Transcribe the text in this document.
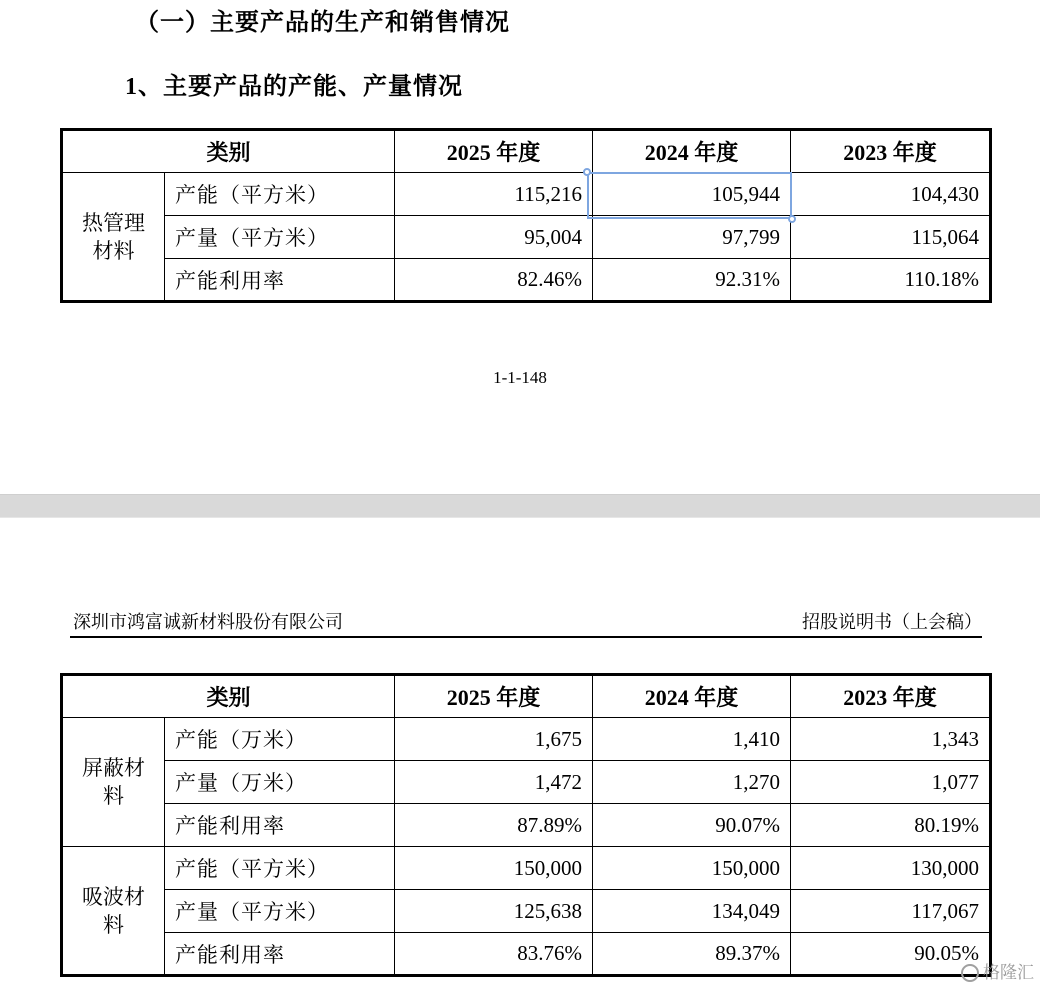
（一）主要产品的生产和销售情况
1、主要产品的产能、产量情况
类别		2025 年度	2024 年度	2023 年度
热管理材料	产能（平方米）	115,216	105,944	104,430
	产量（平方米）	95,004	97,799	115,064
	产能利用率	82.46%	92.31%	110.18%
1-1-148
深圳市鸿富诚新材料股份有限公司	招股说明书（上会稿）
类别		2025 年度	2024 年度	2023 年度
屏蔽材料	产能（万米）	1,675	1,410	1,343
	产量（万米）	1,472	1,270	1,077
	产能利用率	87.89%	90.07%	80.19%
吸波材料	产能（平方米）	150,000	150,000	130,000
	产量（平方米）	125,638	134,049	117,067
	产能利用率	83.76%	89.37%	90.05%
格隆汇
